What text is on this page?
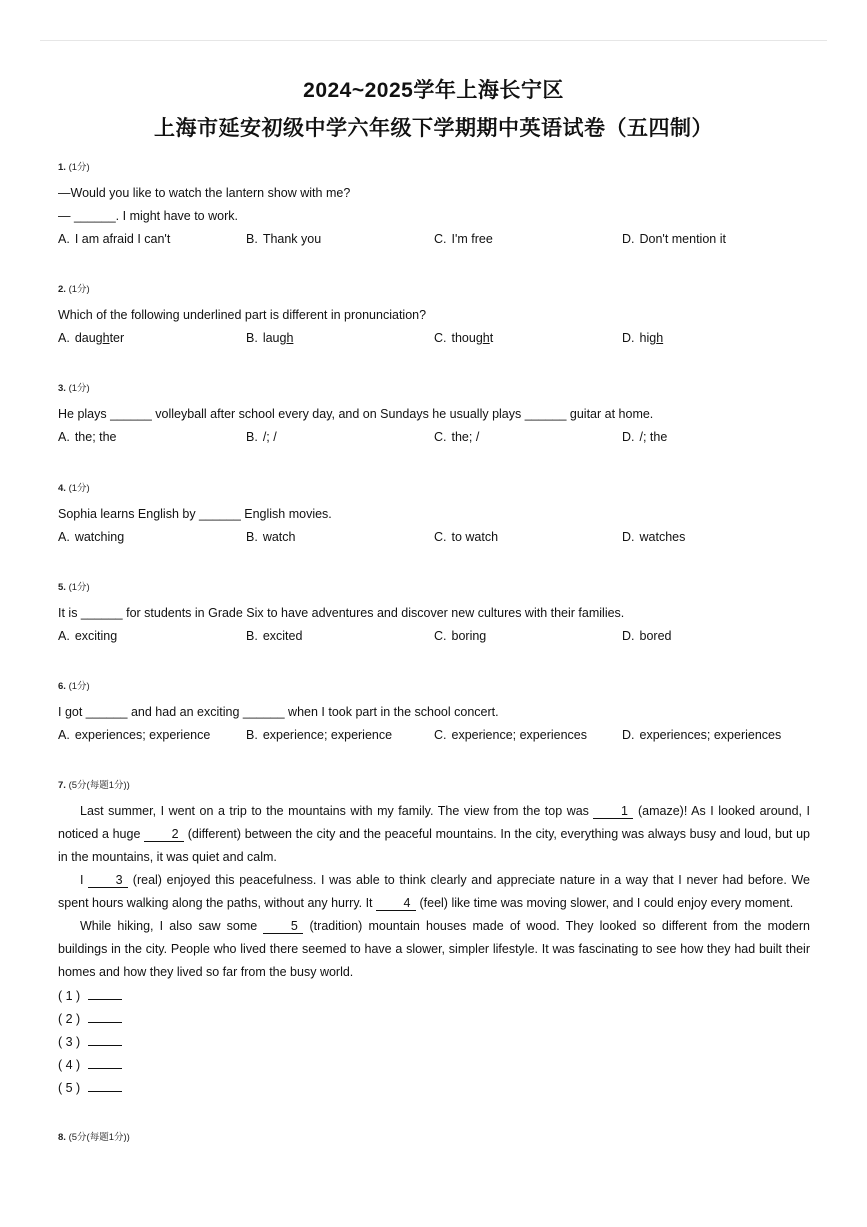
2024~2025学年上海长宁区
上海市延安初级中学六年级下学期期中英语试卷（五四制）
1. (1分)
—Would you like to watch the lantern show with me?
— ______. I might have to work.
A. I am afraid I can't	B. Thank you	C. I'm free	D. Don't mention it
2. (1分)
Which of the following underlined part is different in pronunciation?
A. daughter	B. laugh	C. thought	D. high
3. (1分)
He plays ______ volleyball after school every day, and on Sundays he usually plays ______ guitar at home.
A. the; the	B. /; /	C. the; /	D. /; the
4. (1分)
Sophia learns English by ______ English movies.
A. watching	B. watch	C. to watch	D. watches
5. (1分)
It is ______ for students in Grade Six to have adventures and discover new cultures with their families.
A. exciting	B. excited	C. boring	D. bored
6. (1分)
I got ______ and had an exciting ______ when I took part in the school concert.
A. experiences; experience	B. experience; experience	C. experience; experiences	D. experiences; experiences
7. (5分(每题1分))

Last summer, I went on a trip to the mountains with my family. The view from the top was 1 (amaze)! As I looked around, I noticed a huge 2 (different) between the city and the peaceful mountains. In the city, everything was always busy and loud, but up in the mountains, it was quiet and calm.

I 3 (real) enjoyed this peacefulness. I was able to think clearly and appreciate nature in a way that I never had before. We spent hours walking along the paths, without any hurry. It 4 (feel) like time was moving slower, and I could enjoy every moment.

While hiking, I also saw some 5 (tradition) mountain houses made of wood. They looked so different from the modern buildings in the city. People who lived there seemed to have a slower, simpler lifestyle. It was fascinating to see how they had built their homes and how they lived so far from the busy world.

( 1 )
( 2 )
( 3 )
( 4 )
( 5 )
8. (5分(每题1分))
